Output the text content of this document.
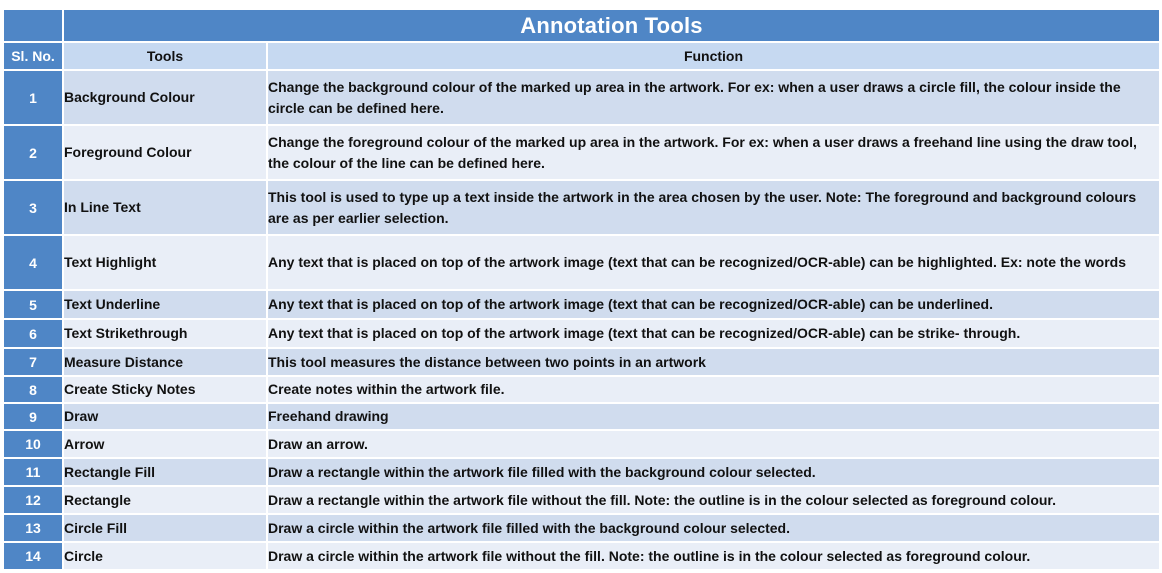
	Annotation Tools	
Sl. No.	Tools	Function
1	Background Colour	Change the background colour of the marked up area in the artwork. For ex: when a user draws a circle fill, the colour inside the circle can be defined here.
2	Foreground Colour	Change the foreground colour of the marked up area in the artwork. For ex: when a user draws a freehand line using the draw tool, the colour of the line can be defined here.
3	In Line Text	This tool is used to type up a text inside the artwork in the area chosen by the user. Note: The foreground and background colours are as per earlier selection.
4	Text Highlight	Any text that is placed on top of the artwork image (text that can be recognized/OCR-able) can be highlighted. Ex: note the words
5	Text Underline	Any text that is placed on top of the artwork image (text that can be recognized/OCR-able) can be underlined.
6	Text Strikethrough	Any text that is placed on top of the artwork image (text that can be recognized/OCR-able) can be strike- through.
7	Measure Distance	This tool measures the distance between two points in an artwork
8	Create Sticky Notes	Create notes within the artwork file.
9	Draw	Freehand drawing
10	Arrow	Draw an arrow.
11	Rectangle Fill	Draw a rectangle within the artwork file filled with the background colour selected.
12	Rectangle	Draw a rectangle within the artwork file without the fill. Note: the outline is in the colour selected as foreground colour.
13	Circle Fill	Draw a circle within the artwork file filled with the background colour selected.
14	Circle	Draw a circle within the artwork file without the fill. Note: the outline is in the colour selected as foreground colour.
